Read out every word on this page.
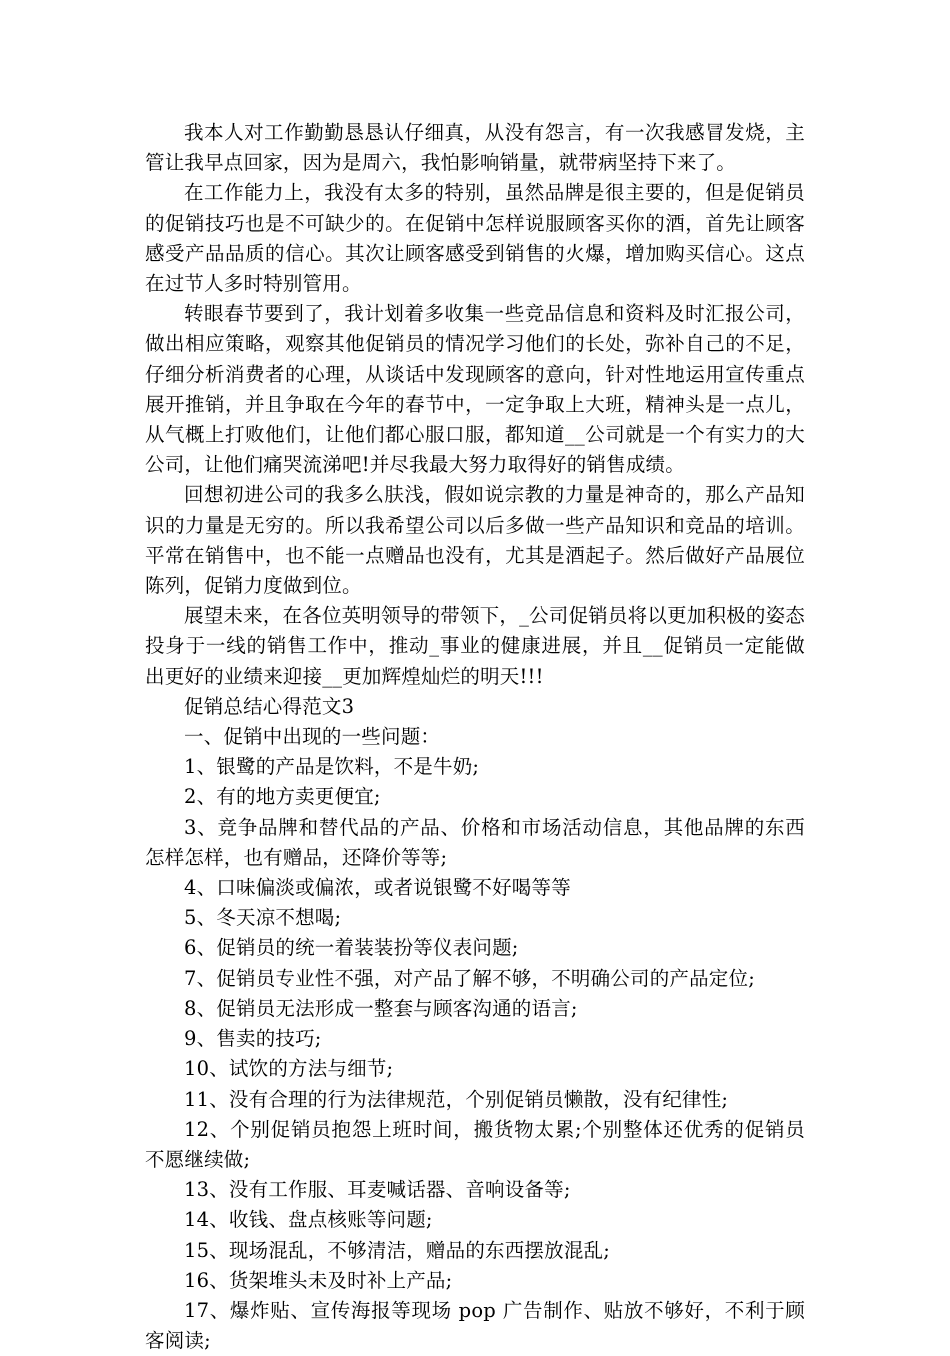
我本人对工作勤勤恳恳认仔细真，从没有怨言，有一次我感冒发烧，主管让我早点回家，因为是周六，我怕影响销量，就带病坚持下来了。

在工作能力上，我没有太多的特别，虽然品牌是很主要的，但是促销员的促销技巧也是不可缺少的。在促销中怎样说服顾客买你的酒，首先让顾客感受产品品质的信心。其次让顾客感受到销售的火爆，增加购买信心。这点在过节人多时特别管用。

转眼春节要到了，我计划着多收集一些竞品信息和资料及时汇报公司，做出相应策略，观察其他促销员的情况学习他们的长处，弥补自己的不足，仔细分析消费者的心理，从谈话中发现顾客的意向，针对性地运用宣传重点展开推销，并且争取在今年的春节中，一定争取上大班，精神头是一点儿，从气概上打败他们，让他们都心服口服，都知道__公司就是一个有实力的大公司，让他们痛哭流涕吧!并尽我最大努力取得好的销售成绩。

回想初进公司的我多么肤浅，假如说宗教的力量是神奇的，那么产品知识的力量是无穷的。所以我希望公司以后多做一些产品知识和竞品的培训。平常在销售中，也不能一点赠品也没有，尤其是酒起子。然后做好产品展位陈列，促销力度做到位。

展望未来，在各位英明领导的带领下，_公司促销员将以更加积极的姿态投身于一线的销售工作中，推动_事业的健康进展，并且__促销员一定能做出更好的业绩来迎接__更加辉煌灿烂的明天!!!

促销总结心得范文3

一、促销中出现的一些问题：

1、银鹭的产品是饮料，不是牛奶;

2、有的地方卖更便宜;

3、竞争品牌和替代品的产品、价格和市场活动信息，其他品牌的东西怎样怎样，也有赠品，还降价等等;

4、口味偏淡或偏浓，或者说银鹭不好喝等等

5、冬天凉不想喝;

6、促销员的统一着装装扮等仪表问题;

7、促销员专业性不强，对产品了解不够，不明确公司的产品定位;

8、促销员无法形成一整套与顾客沟通的语言;

9、售卖的技巧;

10、试饮的方法与细节;

11、没有合理的行为法律规范，个别促销员懒散，没有纪律性;

12、个别促销员抱怨上班时间，搬货物太累;个别整体还优秀的促销员不愿继续做;

13、没有工作服、耳麦喊话器、音响设备等;

14、收钱、盘点核账等问题;

15、现场混乱，不够清洁，赠品的东西摆放混乱;

16、货架堆头未及时补上产品;

17、爆炸贴、宣传海报等现场 pop 广告制作、贴放不够好，不利于顾客阅读;
